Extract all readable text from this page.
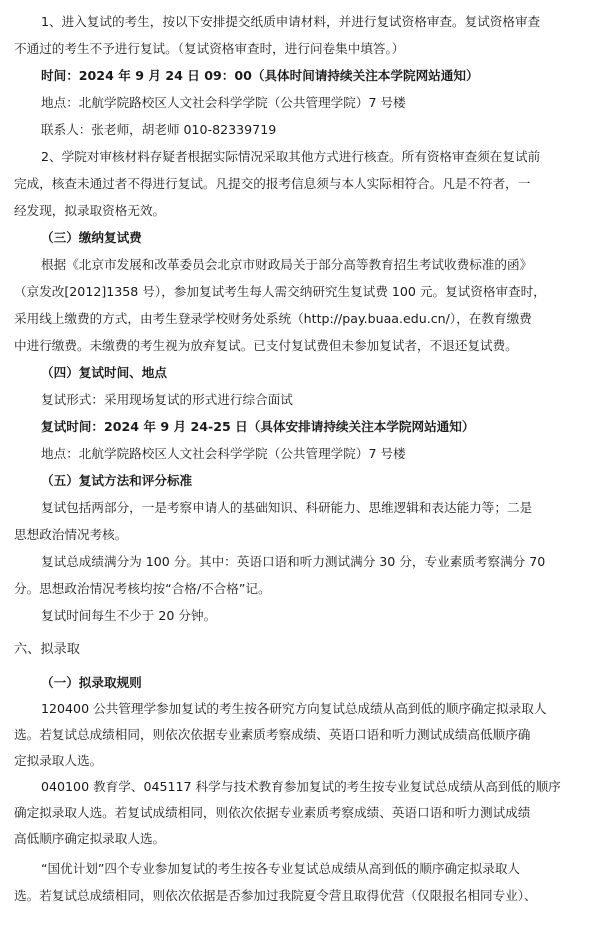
1、进入复试的考生，按以下安排提交纸质申请材料，并进行复试资格审查。复试资格审查
不通过的考生不予进行复试。（复试资格审查时，进行问卷集中填答。）
时间：2024 年 9 月 24 日 09：00（具体时间请持续关注本学院网站通知）
地点：北航学院路校区人文社会科学学院（公共管理学院）7 号楼
联系人：张老师，胡老师 010-82339719
2、学院对审核材料存疑者根据实际情况采取其他方式进行核查。所有资格审查须在复试前
完成，核查未通过者不得进行复试。凡提交的报考信息须与本人实际相符合。凡是不符者，一
经发现，拟录取资格无效。
（三）缴纳复试费
根据《北京市发展和改革委员会北京市财政局关于部分高等教育招生考试收费标准的函》
（京发改[2012]1358 号），参加复试考生每人需交纳研究生复试费 100 元。复试资格审查时，
采用线上缴费的方式，由考生登录学校财务处系统（http://pay.buaa.edu.cn/），在教育缴费
中进行缴费。未缴费的考生视为放弃复试。已支付复试费但未参加复试者，不退还复试费。
（四）复试时间、地点
复试形式：采用现场复试的形式进行综合面试
复试时间：2024 年 9 月 24-25 日（具体安排请持续关注本学院网站通知）
地点：北航学院路校区人文社会科学学院（公共管理学院）7 号楼
（五）复试方法和评分标准
复试包括两部分，一是考察申请人的基础知识、科研能力、思维逻辑和表达能力等；二是
思想政治情况考核。
复试总成绩满分为 100 分。其中：英语口语和听力测试满分 30 分，专业素质考察满分 70
分。思想政治情况考核均按“合格/不合格”记。
复试时间每生不少于 20 分钟。
六、拟录取
（一）拟录取规则
120400 公共管理学参加复试的考生按各研究方向复试总成绩从高到低的顺序确定拟录取人
选。若复试总成绩相同，则依次依据专业素质考察成绩、英语口语和听力测试成绩高低顺序确
定拟录取人选。
040100 教育学、045117 科学与技术教育参加复试的考生按专业复试总成绩从高到低的顺序
确定拟录取人选。若复试成绩相同，则依次依据专业素质考察成绩、英语口语和听力测试成绩
高低顺序确定拟录取人选。
“国优计划”四个专业参加复试的考生按各专业复试总成绩从高到低的顺序确定拟录取人
选。若复试总成绩相同，则依次依据是否参加过我院夏令营且取得优营（仅限报名相同专业）、
